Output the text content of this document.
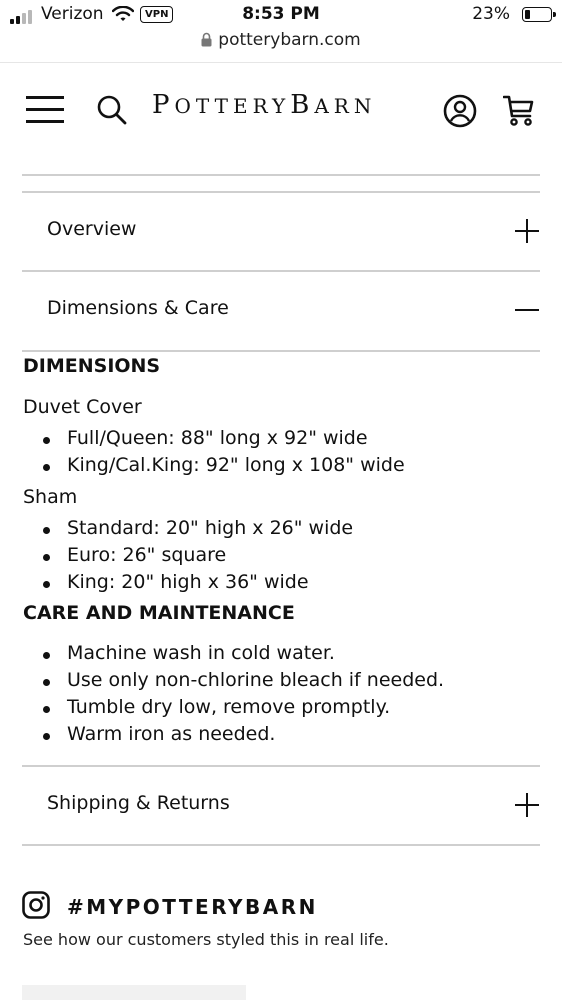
Verizon	VPN	8:53 PM	23%
potterybarn.com
POTTERYBARN
Overview
Dimensions & Care
DIMENSIONS
Duvet Cover
Full/Queen: 88" long x 92" wide
King/Cal.King: 92" long x 108" wide
Sham
Standard: 20" high x 26" wide
Euro: 26" square
King: 20" high x 36" wide
CARE AND MAINTENANCE
Machine wash in cold water.
Use only non-chlorine bleach if needed.
Tumble dry low, remove promptly.
Warm iron as needed.
Shipping & Returns
#MYPOTTERYBARN
See how our customers styled this in real life.
